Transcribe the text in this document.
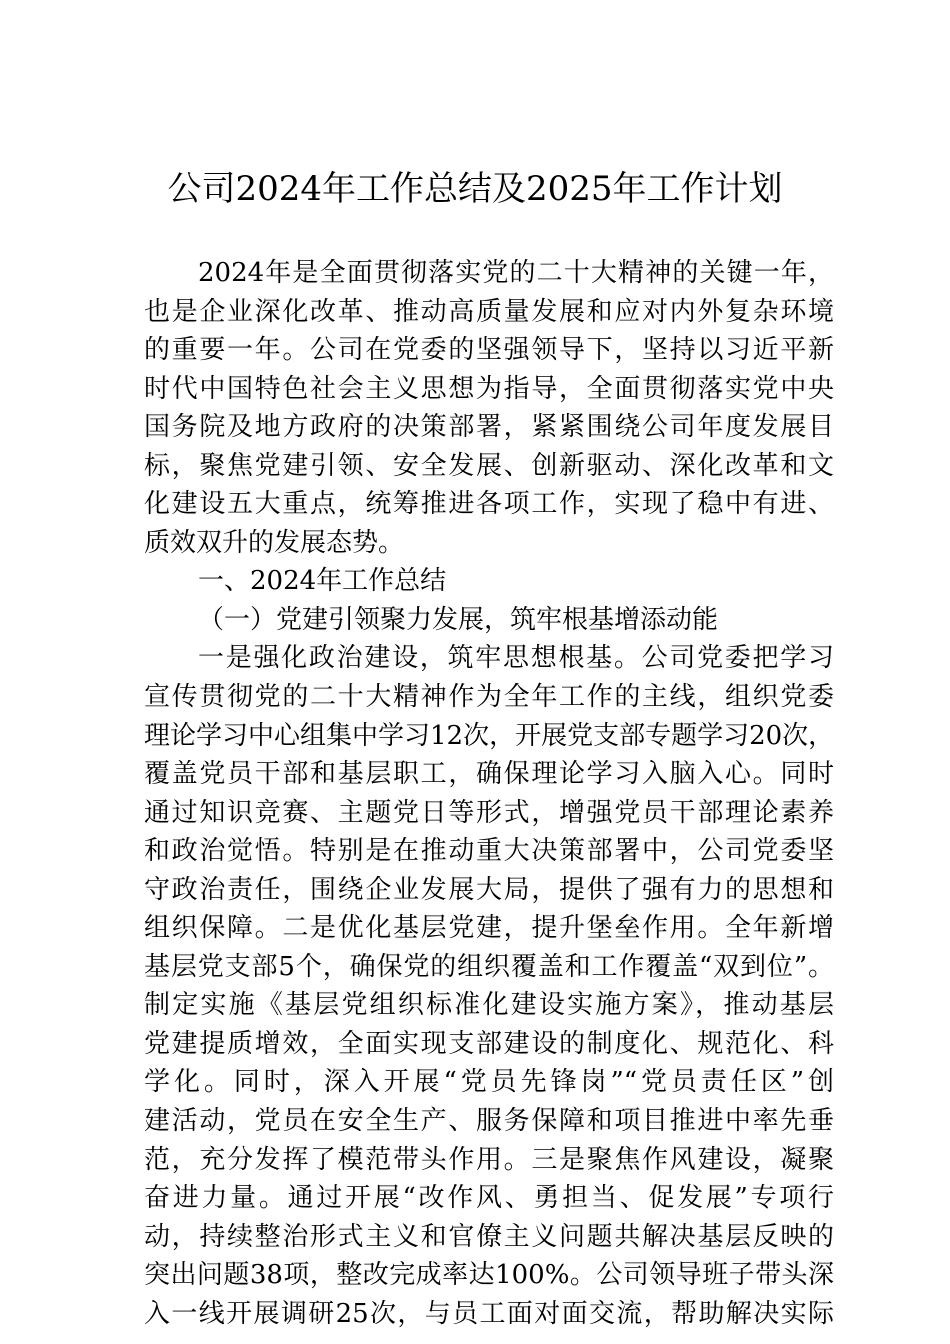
公司2024年工作总结及2025年工作计划
2024年是全面贯彻落实党的二十大精神的关键一年，
也是企业深化改革、推动高质量发展和应对内外复杂环境
的重要一年。公司在党委的坚强领导下，坚持以习近平新
时代中国特色社会主义思想为指导，全面贯彻落实党中央
国务院及地方政府的决策部署，紧紧围绕公司年度发展目
标，聚焦党建引领、安全发展、创新驱动、深化改革和文
化建设五大重点，统筹推进各项工作，实现了稳中有进、
质效双升的发展态势。
一、2024年工作总结
（一）党建引领聚力发展，筑牢根基增添动能
一是强化政治建设，筑牢思想根基。公司党委把学习
宣传贯彻党的二十大精神作为全年工作的主线，组织党委
理论学习中心组集中学习12次，开展党支部专题学习20次，
覆盖党员干部和基层职工，确保理论学习入脑入心。同时
通过知识竞赛、主题党日等形式，增强党员干部理论素养
和政治觉悟。特别是在推动重大决策部署中，公司党委坚
守政治责任，围绕企业发展大局，提供了强有力的思想和
组织保障。二是优化基层党建，提升堡垒作用。全年新增
基层党支部5个，确保党的组织覆盖和工作覆盖“双到位”。
制定实施《基层党组织标准化建设实施方案》，推动基层
党建提质增效，全面实现支部建设的制度化、规范化、科
学化。同时，深入开展“党员先锋岗”“党员责任区”创
建活动，党员在安全生产、服务保障和项目推进中率先垂
范，充分发挥了模范带头作用。三是聚焦作风建设，凝聚
奋进力量。通过开展“改作风、勇担当、促发展”专项行
动，持续整治形式主义和官僚主义问题共解决基层反映的
突出问题38项，整改完成率达100%。公司领导班子带头深
入一线开展调研25次，与员工面对面交流，帮助解决实际
